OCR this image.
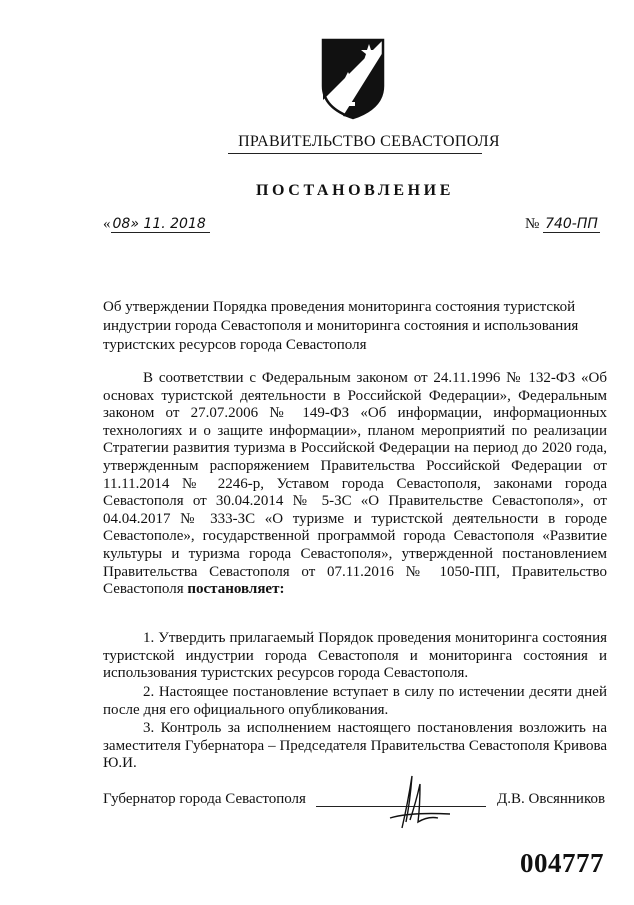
ПРАВИТЕЛЬСТВО СЕВАСТОПОЛЯ
ПОСТАНОВЛЕНИЕ
« 08» 11. 2018	№ 740-ПП
Об утверждении Порядка проведения мониторинга состояния туристской индустрии города Севастополя и мониторинга состояния и использования туристских ресурсов города Севастополя
В соответствии с Федеральным законом от 24.11.1996 № 132-ФЗ «Об основах туристской деятельности в Российской Федерации», Федеральным законом от 27.07.2006 № 149-ФЗ «Об информации, информационных технологиях и о защите информации», планом мероприятий по реализации Стратегии развития туризма в Российской Федерации на период до 2020 года, утвержденным распоряжением Правительства Российской Федерации от 11.11.2014 № 2246-р, Уставом города Севастополя, законами города Севастополя от 30.04.2014 № 5-ЗС «О Правительстве Севастополя», от 04.04.2017 № 333-ЗС «О туризме и туристской деятельности в городе Севастополе», государственной программой города Севастополя «Развитие культуры и туризма города Севастополя», утвержденной постановлением Правительства Севастополя от 07.11.2016 № 1050-ПП, Правительство Севастополя постановляет:
1. Утвердить прилагаемый Порядок проведения мониторинга состояния туристской индустрии города Севастополя и мониторинга состояния и использования туристских ресурсов города Севастополя.
2. Настоящее постановление вступает в силу по истечении десяти дней после дня его официального опубликования.
3. Контроль за исполнением настоящего постановления возложить на заместителя Губернатора – Председателя Правительства Севастополя Кривова Ю.И.
Губернатор города Севастополя	Д.В. Овсянников
004777
